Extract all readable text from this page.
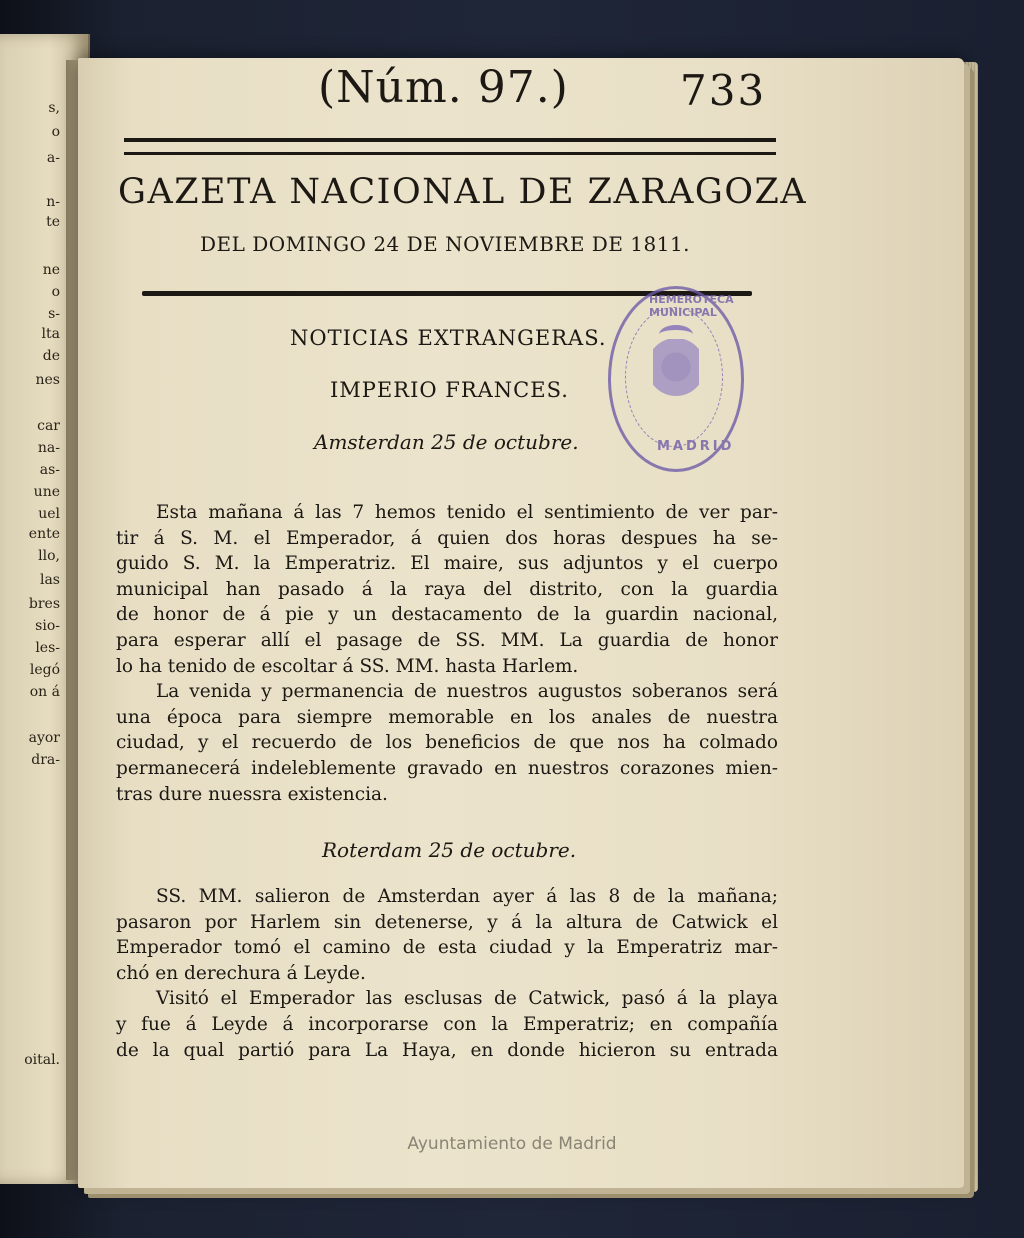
s,
o
a-
n-
te
ne
o
s-
lta
de
nes
car
na-
as-
une
uel
ente
llo,
las
bres
sio-
les-
legó
on á
ayor
dra-
oital.
(Núm. 97.)	733
GAZETA NACIONAL DE ZARAGOZA
DEL DOMINGO 24 DE NOVIEMBRE DE 1811.
NOTICIAS EXTRANGERAS.
IMPERIO FRANCES.
Amsterdan 25 de octubre.
Esta mañana á las 7 hemos tenido el sentimiento de ver par-
tir á S. M. el Emperador, á quien dos horas despues ha se-
guido S. M. la Emperatriz. El maire, sus adjuntos y el cuerpo
municipal han pasado á la raya del distrito, con la guardia
de honor de á pie y un destacamento de la guardin nacional,
para esperar allí el pasage de SS. MM. La guardia de honor
lo ha tenido de escoltar á SS. MM. hasta Harlem.
La venida y permanencia de nuestros augustos soberanos será
una época para siempre memorable en los anales de nuestra
ciudad, y el recuerdo de los beneficios de que nos ha colmado
permanecerá indeleblemente gravado en nuestros corazones mien-
tras dure nuessra existencia.
Roterdam 25 de octubre.
SS. MM. salieron de Amsterdan ayer á las 8 de la mañana;
pasaron por Harlem sin detenerse, y á la altura de Catwick el
Emperador tomó el camino de esta ciudad y la Emperatriz mar-
chó en derechura á Leyde.
Visitó el Emperador las esclusas de Catwick, pasó á la playa
y fue á Leyde á incorporarse con la Emperatriz; en compañía
de la qual partió para La Haya, en donde hicieron su entrada
HEMEROTECA MUNICIPAL
MADRID
Ayuntamiento de Madrid
